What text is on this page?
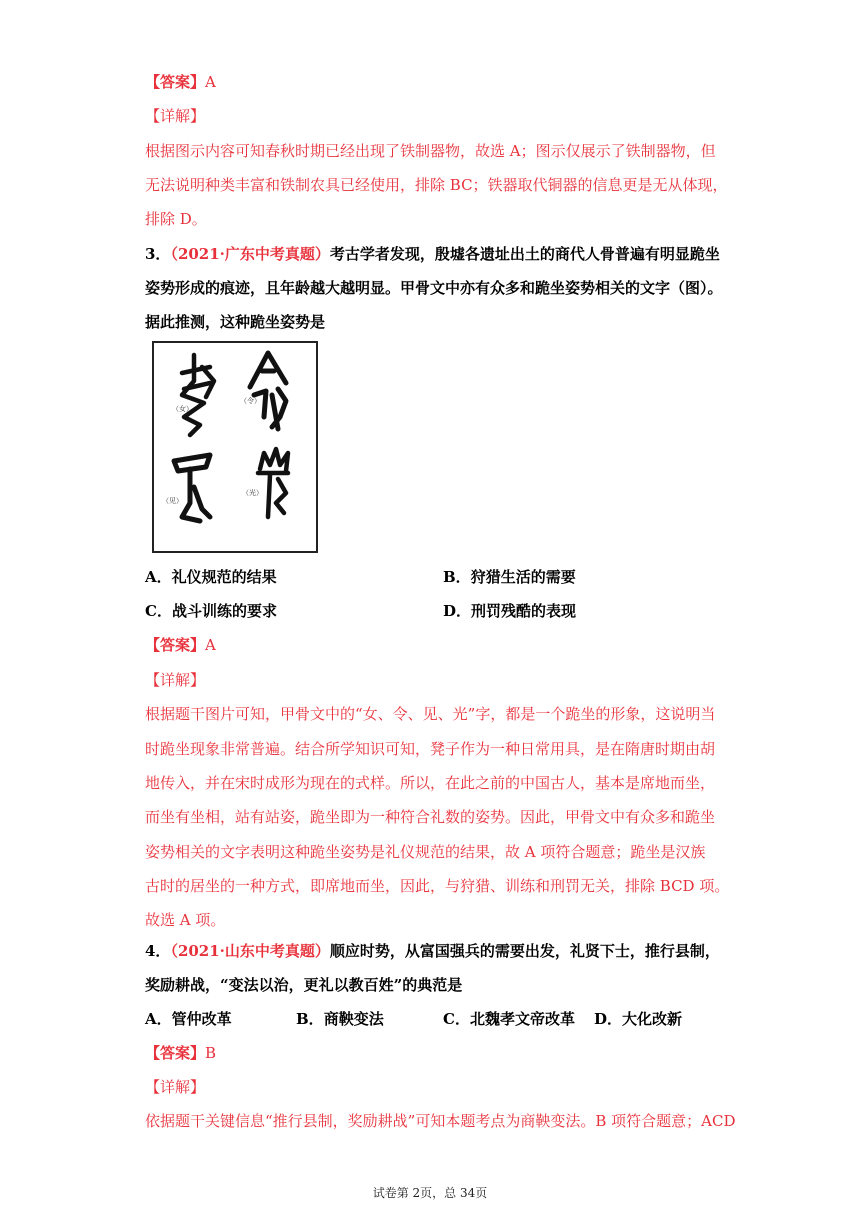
【答案】A
【详解】
根据图示内容可知春秋时期已经出现了铁制器物，故选 A；图示仅展示了铁制器物，但
无法说明种类丰富和铁制农具已经使用，排除 BC；铁器取代铜器的信息更是无从体现，
排除 D。
3．（2021·广东中考真题）考古学者发现，殷墟各遗址出土的商代人骨普遍有明显跪坐
姿势形成的痕迹，且年龄越大越明显。甲骨文中亦有众多和跪坐姿势相关的文字（图）。
据此推测，这种跪坐姿势是
（女）
（令）
（见）
（光）
A．礼仪规范的结果	B．狩猎生活的需要
C．战斗训练的要求	D．刑罚残酷的表现
【答案】A
【详解】
根据题干图片可知，甲骨文中的“女、令、见、光”字，都是一个跪坐的形象，这说明当
时跪坐现象非常普遍。结合所学知识可知，凳子作为一种日常用具，是在隋唐时期由胡
地传入，并在宋时成形为现在的式样。所以，在此之前的中国古人，基本是席地而坐，
而坐有坐相，站有站姿，跪坐即为一种符合礼数的姿势。因此，甲骨文中有众多和跪坐
姿势相关的文字表明这种跪坐姿势是礼仪规范的结果，故 A 项符合题意；跪坐是汉族
古时的居坐的一种方式，即席地而坐，因此，与狩猎、训练和刑罚无关，排除 BCD 项。
故选 A 项。
4．（2021·山东中考真题）顺应时势，从富国强兵的需要出发，礼贤下士，推行县制，
奖励耕战，“变法以治，更礼以教百姓”的典范是
A．管仲改革	B．商鞅变法	C．北魏孝文帝改革 D．大化改新
【答案】B
【详解】
依据题干关键信息“推行县制，奖励耕战”可知本题考点为商鞅变法。B 项符合题意；ACD
试卷第 2页，总 34页
